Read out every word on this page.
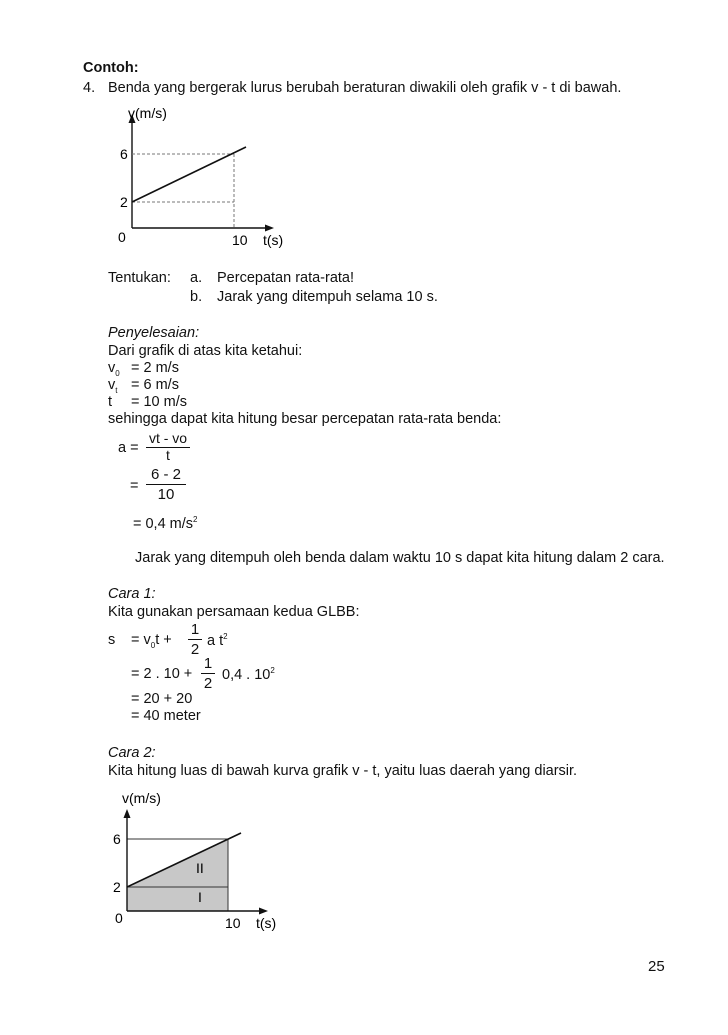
Contoh:
4. Benda yang bergerak lurus berubah beraturan diwakili oleh grafik v - t di bawah.
v(m/s)
6
2
0	10 t(s)
Tentukan: a. Percepatan rata-rata!
b. Jarak yang ditempuh selama 10 s.
Penyelesaian:
Dari grafik di atas kita ketahui:
$v_0 = 2$ m/s
$v_t = 6$ m/s
t = 10 m/s
sehingga dapat kita hitung besar percepatan rata-rata benda:
a =
vt - vo
t
=
6 - 2
10
= 0,4 $m/s^2$
Jarak yang ditempuh oleh benda dalam waktu 10 s dapat kita hitung dalam 2 cara.
Cara 1:
Kita gunakan persamaan kedua GLBB:
$s = v_0t$ +
1
2
a $t^2$
= 2 . 10 +
1
2
0,4 . $10^2$
= 20 + 20
= 40 meter
Cara 2:
Kita hitung luas di bawah kurva grafik v - t, yaitu luas daerah yang diarsir.
v(m/s)
6
2
0	10 t(s)
II
I
25
